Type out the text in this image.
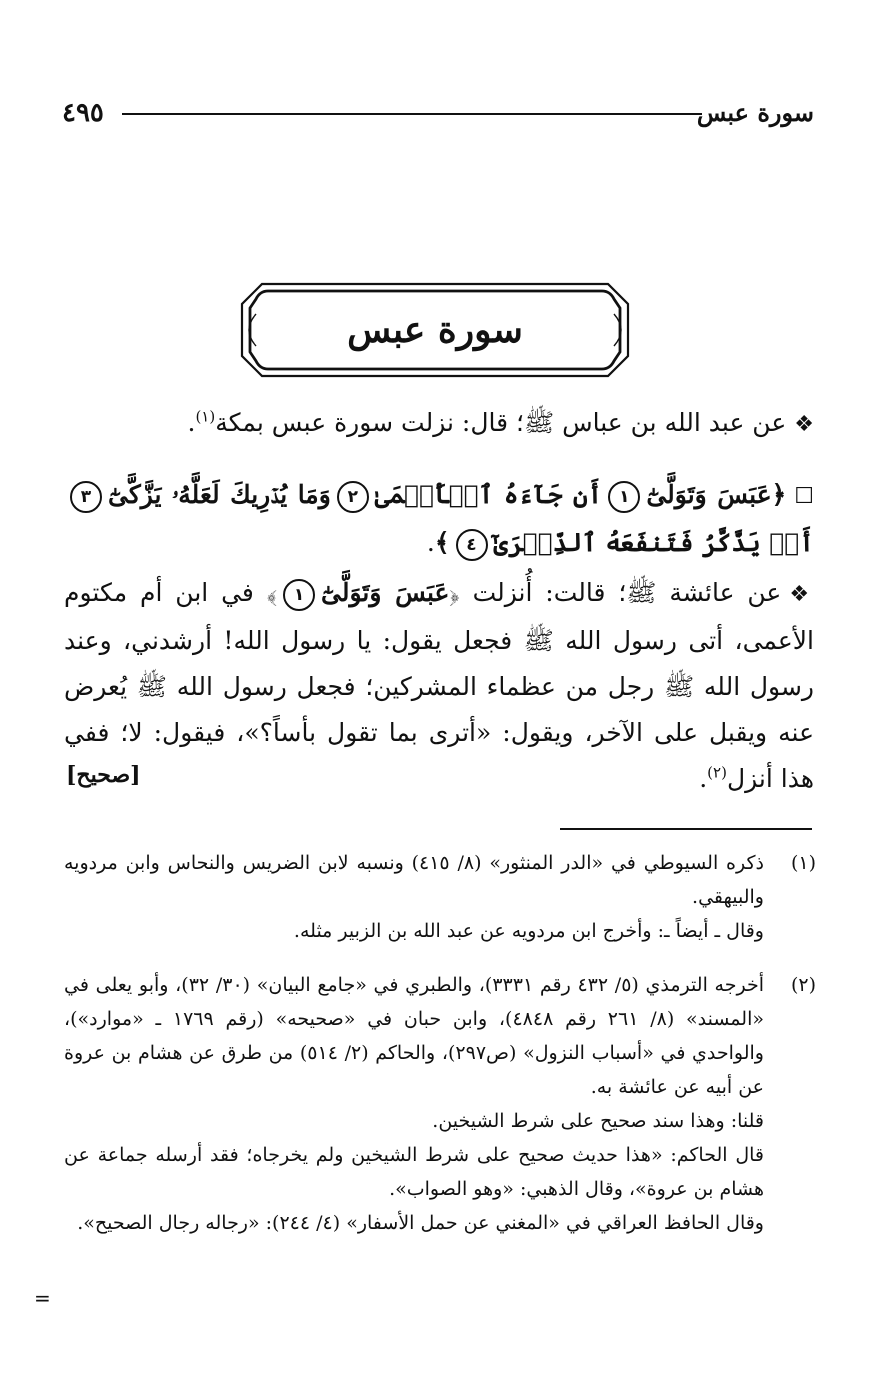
٤٩٥	سورة عبس
سورة عبس

❖عن عبد الله بن عباس ﷺ؛ قال: نزلت سورة عبس بمكة$^{(١)}$.

☐﴿عَبَسَ وَتَوَلَّىٰٓ١أَن جَآءَهُ ٱلۡأَعۡمَىٰ٢وَمَا يُدۡرِيكَ لَعَلَّهُۥ يَزَّكَّىٰٓ٣أَوۡ يَذَّكَّرُ فَتَنفَعَهُ ٱلذِّكۡرَىٰٓ٤﴾.

❖عن عائشة ﷺ؛ قالت: أُنزلت ﴿عَبَسَ وَتَوَلَّىٰٓ١﴾ في ابن أم مكتوم الأعمى، أتى رسول الله ﷺ فجعل يقول: يا رسول الله! أرشدني، وعند رسول الله ﷺ رجل من عظماء المشركين؛ فجعل رسول الله ﷺ يُعرض عنه ويقبل على الآخر، ويقول: «أترى بما تقول بأساً؟»، فيقول: لا؛ ففي هذا أنزل$^{(٢)}$.

[صحيح]
(١)

ذكره السيوطي في «الدر المنثور» (٨/ ٤١٥) ونسبه لابن الضريس والنحاس وابن مردويه والبيهقي.

وقال ـ أيضاً ـ: وأخرج ابن مردويه عن عبد الله بن الزبير مثله.

(٢)

أخرجه الترمذي (٥/ ٤٣٢ رقم ٣٣٣١)، والطبري في «جامع البيان» (٣٠/ ٣٢)، وأبو يعلى في «المسند» (٨/ ٢٦١ رقم ٤٨٤٨)، وابن حبان في «صحيحه» (رقم ١٧٦٩ ـ «موارد»)، والواحدي في «أسباب النزول» (ص٢٩٧)، والحاكم (٢/ ٥١٤) من طرق عن هشام بن عروة عن أبيه عن عائشة به.

قلنا: وهذا سند صحيح على شرط الشيخين.

قال الحاكم: «هذا حديث صحيح على شرط الشيخين ولم يخرجاه؛ فقد أرسله جماعة عن هشام بن عروة»، وقال الذهبي: «وهو الصواب».

وقال الحافظ العراقي في «المغني عن حمل الأسفار» (٤/ ٢٤٤): «رجاله رجال الصحيح».

=
